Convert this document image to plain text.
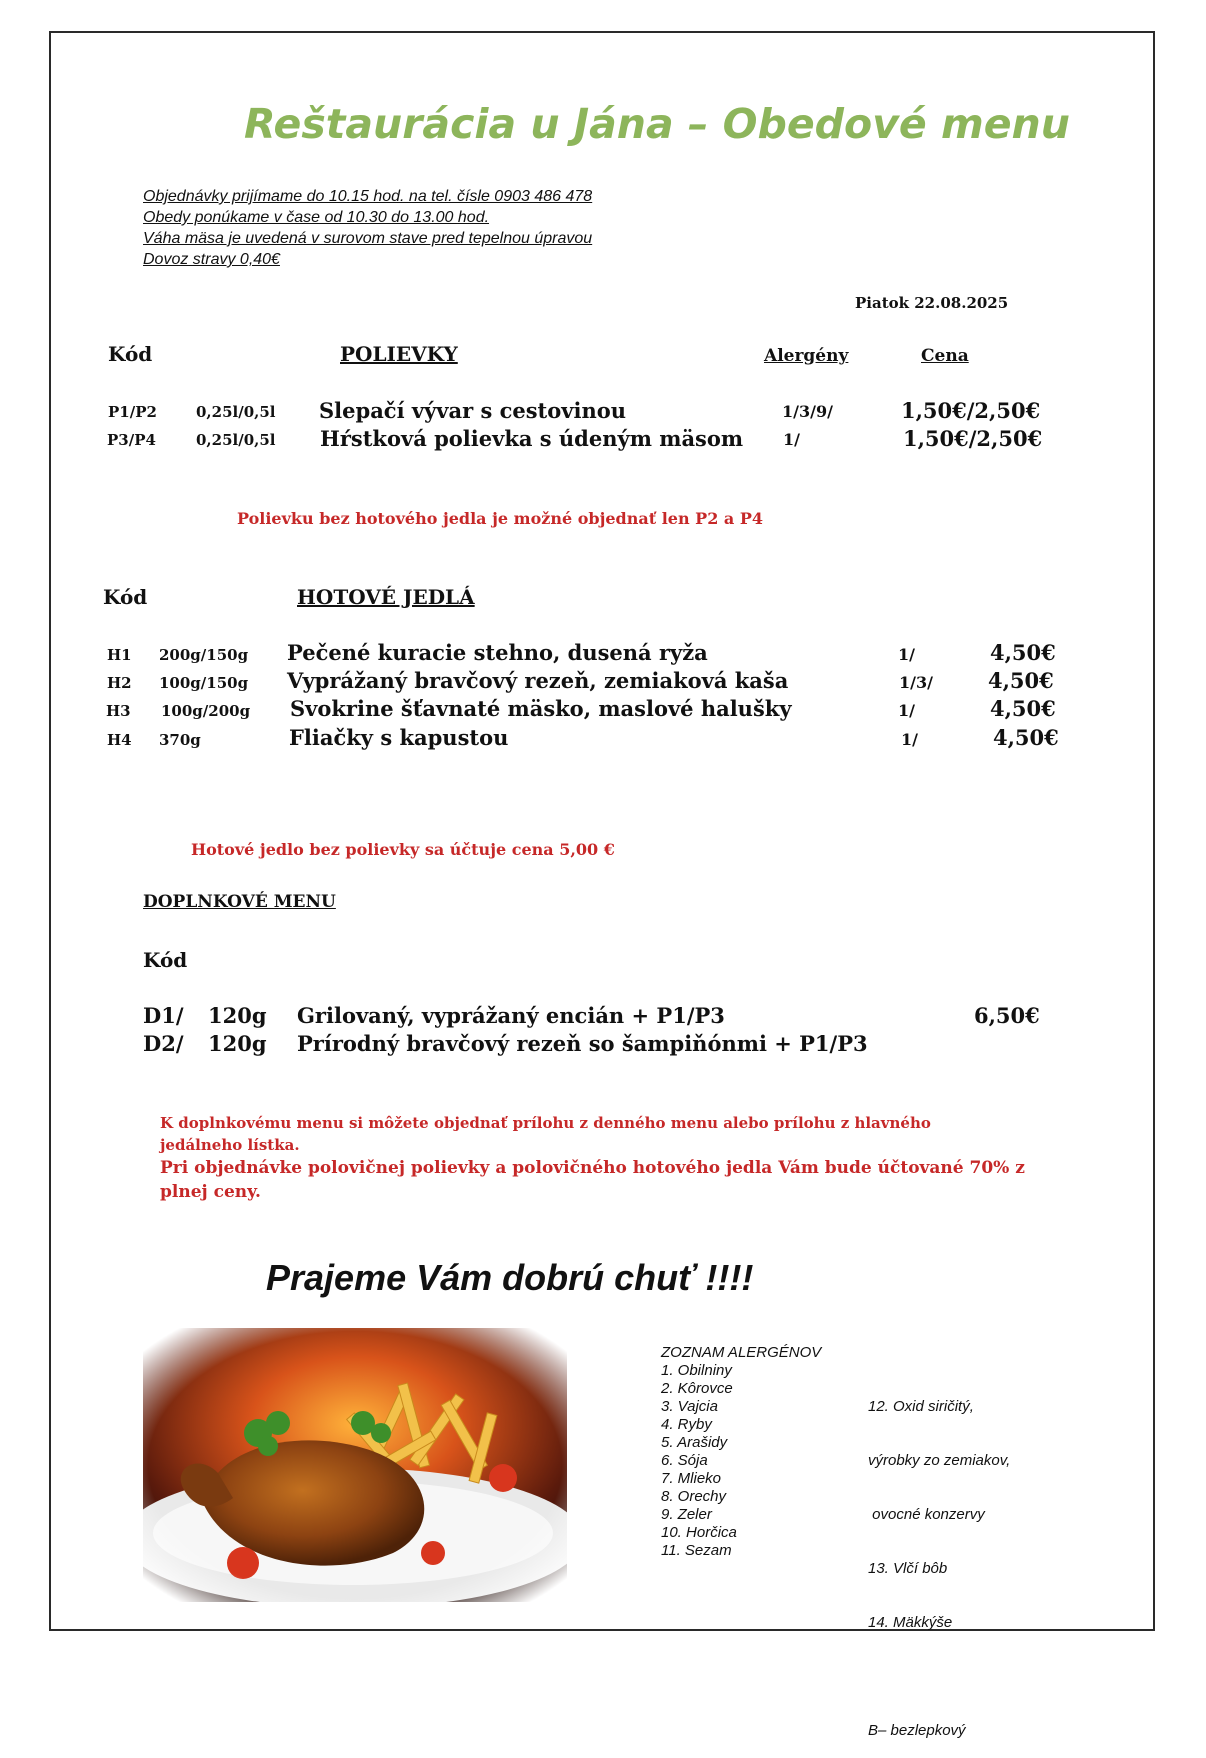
Reštaurácia u Jána – Obedové menu
Objednávky prijímame do 10.15 hod. na tel. čísle 0903 486 478
Obedy ponúkame v čase od 10.30 do 13.00 hod.
Váha mäsa je uvedená v surovom stave pred tepelnou úpravou
Dovoz stravy 0,40€
Piatok 22.08.2025
Kód	POLIEVKY	Alergény	Cena
P1/P2	0,25l/0,5l Slepačí vývar s cestovinou	1/3/9/	1,50€/2,50€
P3/P4	0,25l/0,5l Hŕstková polievka s údeným mäsom 1/	1,50€/2,50€
Polievku bez hotového jedla je možné objednať len P2 a P4
Kód	HOTOVÉ JEDLÁ
H1 200g/150g Pečené kuracie stehno, dusená ryža	1/	4,50€
H2 100g/150g Vyprážaný bravčový rezeň, zemiaková kaša	1/3/	4,50€
H3 100g/200g Svokrine šťavnaté mäsko, maslové halušky	1/	4,50€
H4 370g	Fliačky s kapustou	1/	4,50€
Hotové jedlo bez polievky sa účtuje cena 5,00 €
DOPLNKOVÉ MENU
Kód
D1/ 120g Grilovaný, vyprážaný encián + P1/P3	6,50€
D2/ 120g Prírodný bravčový rezeň so šampiňónmi + P1/P3
K doplnkovému menu si môžete objednať prílohu z denného menu alebo prílohu z hlavného
jedálneho lístka.
Pri objednávke polovičnej polievky a polovičného hotového jedla Vám bude účtované 70% z
plnej ceny.
Prajeme Vám dobrú chuť !!!!
ZOZNAM ALERGÉNOV
1. Obilniny
2. Kôrovce
3. Vajcia
4. Ryby
5. Arašidy
6. Sója
7. Mlieko
8. Orechy
9. Zeler
10. Horčica
11. Sezam

12. Oxid siričitý,

výrobky zo zemiakov,

ovocné konzervy

13. Vlčí bôb

14. Mäkkýše

B– bezlepkový
